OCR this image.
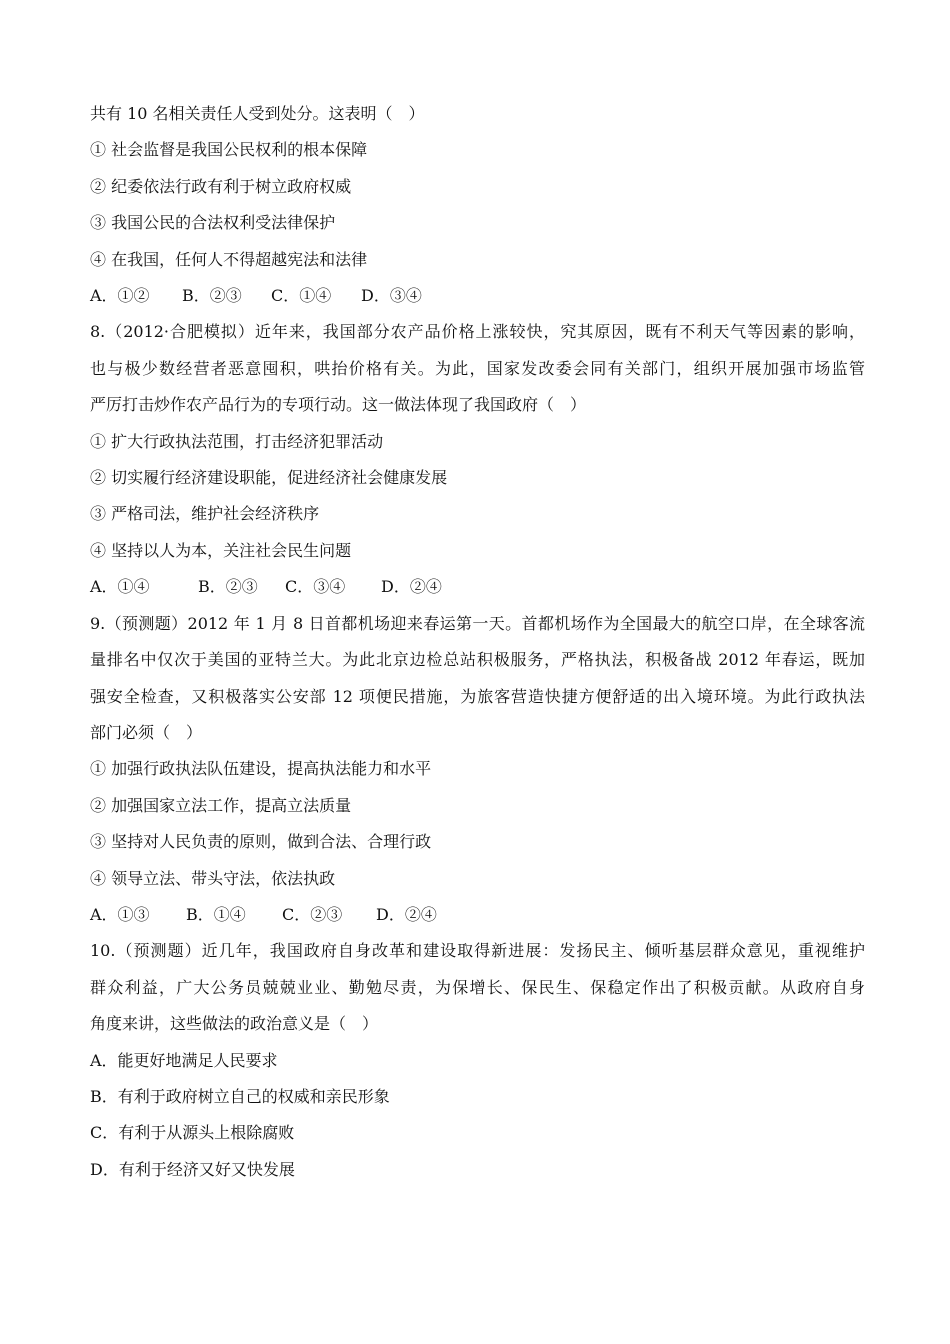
共有 10 名相关责任人受到处分。这表明（　）
① 社会监督是我国公民权利的根本保障
② 纪委依法行政有利于树立政府权威
③ 我国公民的合法权利受法律保护
④ 在我国，任何人不得超越宪法和法律
A．①② B．②③ C．①④ D．③④
8.（2012·合肥模拟）近年来，我国部分农产品价格上涨较快，究其原因，既有不利天气等因素的影响，
也与极少数经营者恶意囤积，哄抬价格有关。为此，国家发改委会同有关部门，组织开展加强市场监管
严厉打击炒作农产品行为的专项行动。这一做法体现了我国政府（　）
① 扩大行政执法范围，打击经济犯罪活动
② 切实履行经济建设职能，促进经济社会健康发展
③ 严格司法，维护社会经济秩序
④ 坚持以人为本，关注社会民生问题
A．①④	B．②③ C．③④ D．②④
9.（预测题）2012 年 1 月 8 日首都机场迎来春运第一天。首都机场作为全国最大的航空口岸，在全球客流
量排名中仅次于美国的亚特兰大。为此北京边检总站积极服务，严格执法，积极备战 2012 年春运，既加
强安全检查，又积极落实公安部 12 项便民措施，为旅客营造快捷方便舒适的出入境环境。为此行政执法
部门必须（　）
① 加强行政执法队伍建设，提高执法能力和水平
② 加强国家立法工作，提高立法质量
③ 坚持对人民负责的原则，做到合法、合理行政
④ 领导立法、带头守法，依法执政
A．①③ B．①④ C．②③ D．②④
10.（预测题）近几年，我国政府自身改革和建设取得新进展：发扬民主、倾听基层群众意见，重视维护
群众利益，广大公务员兢兢业业、勤勉尽责，为保增长、保民生、保稳定作出了积极贡献。从政府自身
角度来讲，这些做法的政治意义是（　）
A．能更好地满足人民要求
B．有利于政府树立自己的权威和亲民形象
C．有利于从源头上根除腐败
D．有利于经济又好又快发展
